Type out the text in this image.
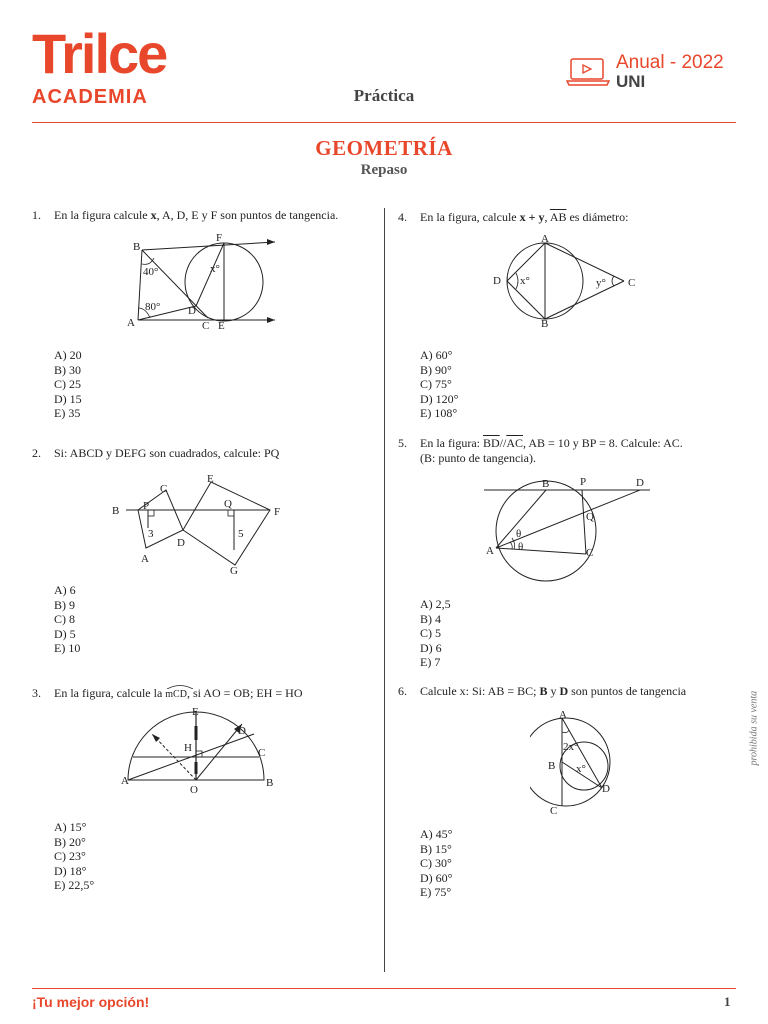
Trilce
ACADEMIA
Anual - 2022
UNI
Práctica
GEOMETRÍA
Repaso
1. En la figura calcule x, A, D, E y F son puntos de tangencia.
B
F
A	C
D
E
40°
80°
x°
A) 20
B) 30
C) 25
D) 15
E) 35
2. Si: ABCD y DEFG son cuadrados, calcule: PQ
B P
C
E
Q
F
A
D
G
3	5
A) 6
B) 9
C) 8
D) 5
E) 10
3. En la figura, calcule la
mCD, si AO = OB; EH = HO
E
D
H	C
A
O
B
A) 15°
B) 20°
C) 23°
D) 18°
E) 22,5°
4. En la figura, calcule x + y, $\overline{AB}$ es diámetro:
A
D	C
B
x°	y°
A) 60°
B) 90°
C) 75°
D) 120°
E) 108°
5. En la figura: $\overline{BD}//\overline{AC}$, AB = 10 y BP = 8. Calcule: AC.
(B: punto de tangencia).
B	P	D
Q
A	C
θ
θ
A) 2,5
B) 4
C) 5
D) 6
E) 7
6. Calcule x: Si: AB = BC; B y D son puntos de tangencia
A
B
C
D
2x°
x°
A) 45°
B) 15°
C) 30°
D) 60°
E) 75°
prohibida su venta
¡Tu mejor opción!	1
